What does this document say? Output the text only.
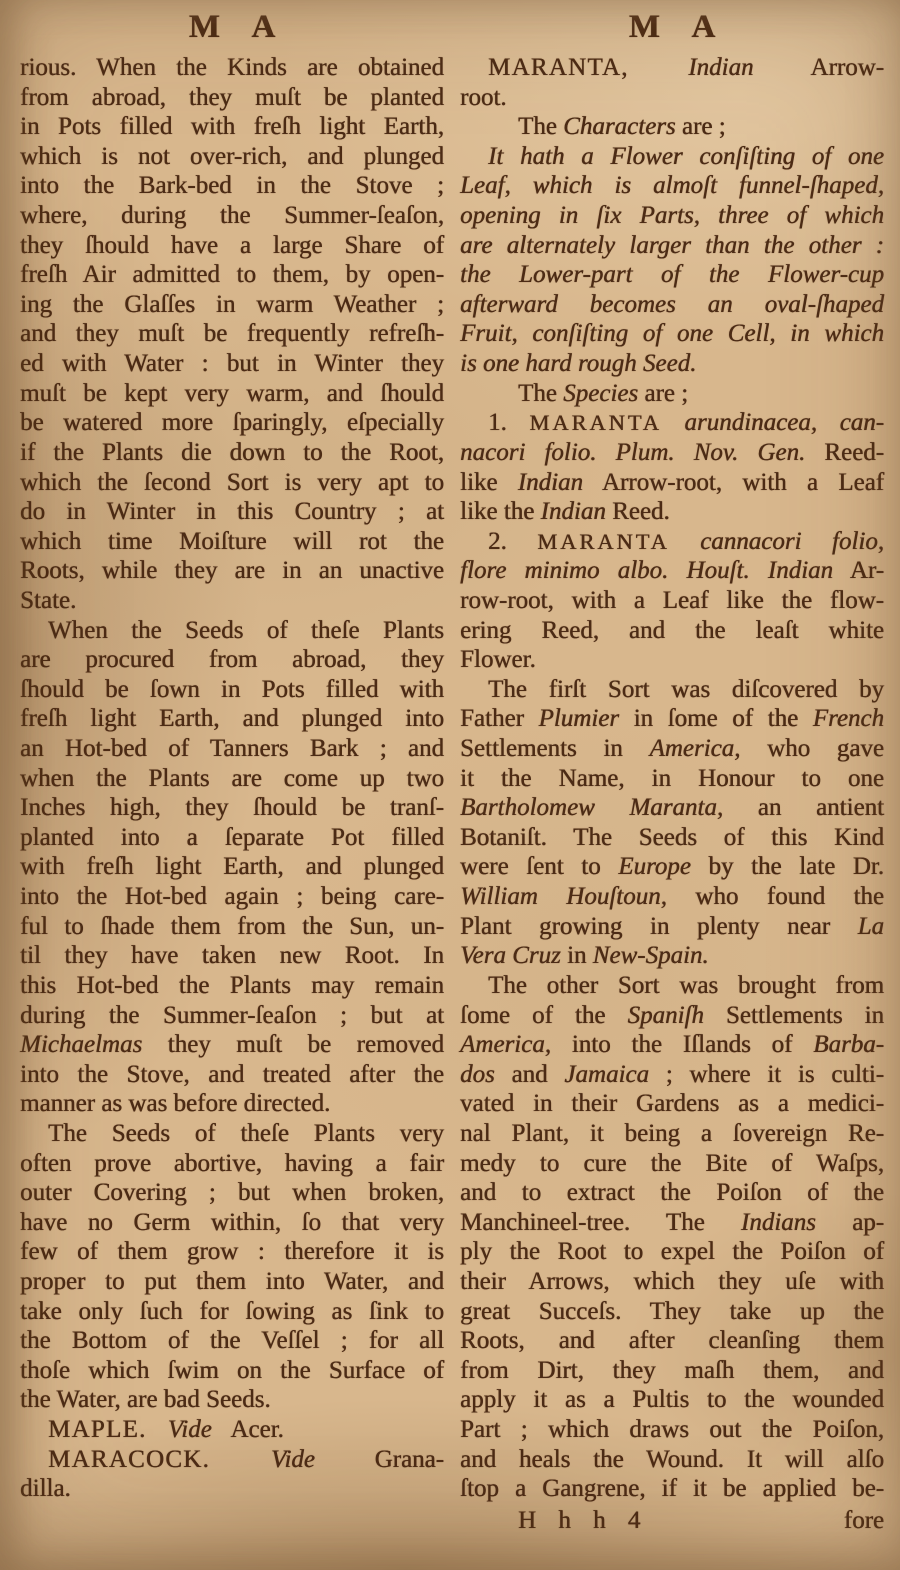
M A
rious. When the Kinds are obtained
from abroad, they muſt be planted
in Pots filled with freſh light Earth,
which is not over-rich, and plunged
into the Bark-bed in the Stove ;
where, during the Summer-ſeaſon,
they ſhould have a large Share of
freſh Air admitted to them, by open-
ing the Glaſſes in warm Weather ;
and they muſt be frequently refreſh-
ed with Water : but in Winter they
muſt be kept very warm, and ſhould
be watered more ſparingly, eſpecially
if the Plants die down to the Root,
which the ſecond Sort is very apt to
do in Winter in this Country ; at
which time Moiſture will rot the
Roots, while they are in an unactive
State.
When the Seeds of theſe Plants
are procured from abroad, they
ſhould be ſown in Pots filled with
freſh light Earth, and plunged into
an Hot-bed of Tanners Bark ; and
when the Plants are come up two
Inches high, they ſhould be tranſ-
planted into a ſeparate Pot filled
with freſh light Earth, and plunged
into the Hot-bed again ; being care-
ful to ſhade them from the Sun, un-
til they have taken new Root. In
this Hot-bed the Plants may remain
during the Summer-ſeaſon ; but at
Michaelmas they muſt be removed
into the Stove, and treated after the
manner as was before directed.
The Seeds of theſe Plants very
often prove abortive, having a fair
outer Covering ; but when broken,
have no Germ within, ſo that very
few of them grow : therefore it is
proper to put them into Water, and
take only ſuch for ſowing as ſink to
the Bottom of the Veſſel ; for all
thoſe which ſwim on the Surface of
the Water, are bad Seeds.
MAPLE. Vide Acer.
MARACOCK. Vide Grana-
dilla.
M A
MARANTA, Indian Arrow-
root.
The Characters are ;
It hath a Flower conſiſting of one
Leaf, which is almoſt funnel-ſhaped,
opening in ſix Parts, three of which
are alternately larger than the other :
the Lower-part of the Flower-cup
afterward becomes an oval-ſhaped
Fruit, conſiſting of one Cell, in which
is one hard rough Seed.
The Species are ;
1. MARANTA arundinacea, can-
nacori folio. Plum. Nov. Gen. Reed-
like Indian Arrow-root, with a Leaf
like the Indian Reed.
2. MARANTA cannacori folio,
flore minimo albo. Houſt. Indian Ar-
row-root, with a Leaf like the flow-
ering Reed, and the leaſt white
Flower.
The firſt Sort was diſcovered by
Father Plumier in ſome of the French
Settlements in America, who gave
it the Name, in Honour to one
Bartholomew Maranta, an antient
Botaniſt. The Seeds of this Kind
were ſent to Europe by the late Dr.
William Houſtoun, who found the
Plant growing in plenty near La
Vera Cruz in New-Spain.
The other Sort was brought from
ſome of the Spaniſh Settlements in
America, into the Iſlands of Barba-
dos and Jamaica ; where it is culti-
vated in their Gardens as a medici-
nal Plant, it being a ſovereign Re-
medy to cure the Bite of Waſps,
and to extract the Poiſon of the
Manchineel-tree. The Indians ap-
ply the Root to expel the Poiſon of
their Arrows, which they uſe with
great Succeſs. They take up the
Roots, and after cleanſing them
from Dirt, they maſh them, and
apply it as a Pultis to the wounded
Part ; which draws out the Poiſon,
and heals the Wound. It will alſo
ſtop a Gangrene, if it be applied be-
H h h 4	fore
